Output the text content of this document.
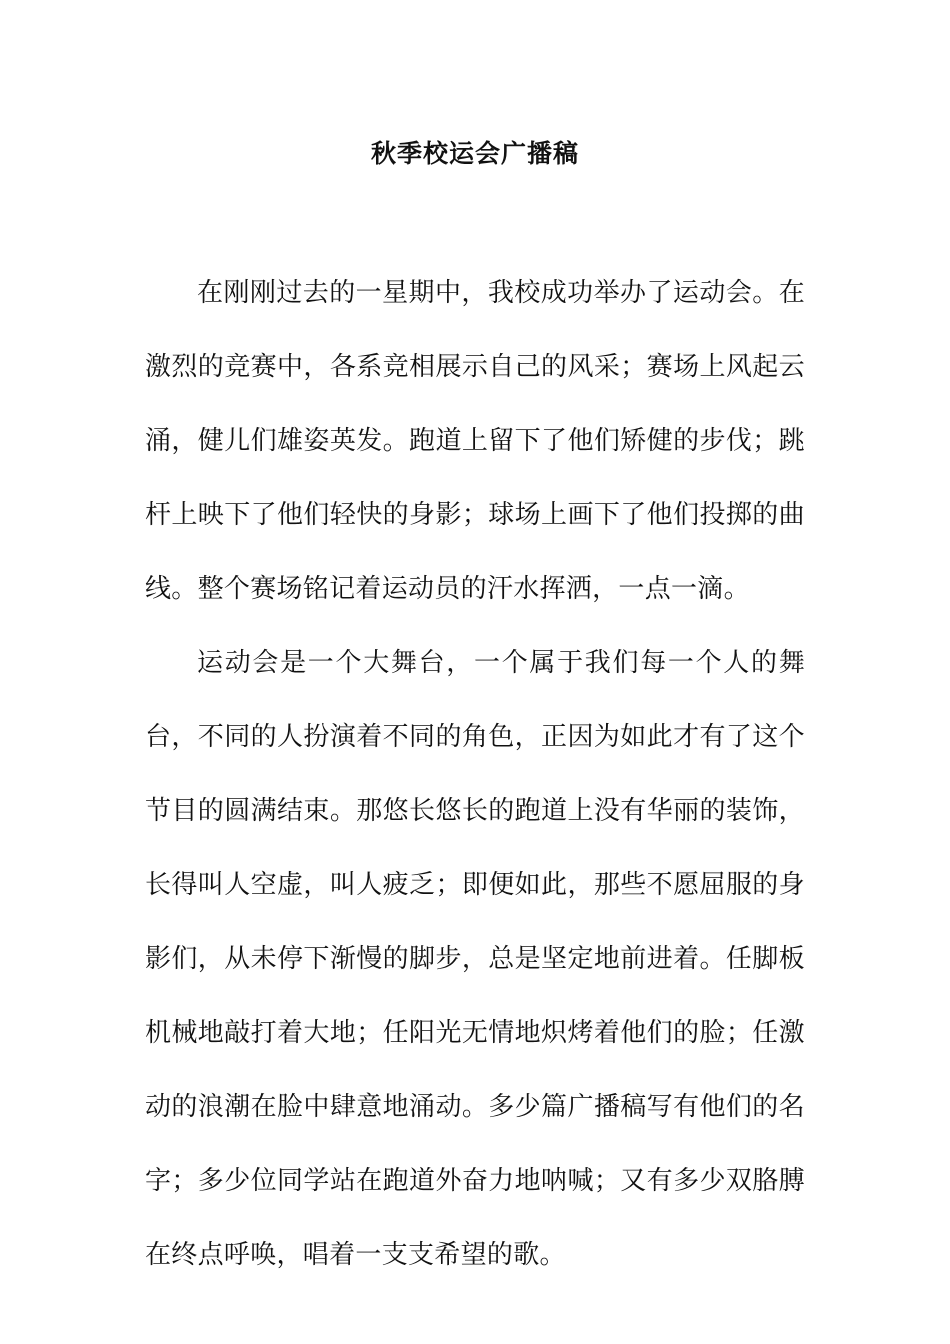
秋季校运会广播稿

在刚刚过去的一星期中，我校成功举办了运动会。在激烈的竞赛中，各系竞相展示自己的风采；赛场上风起云涌，健儿们雄姿英发。跑道上留下了他们矫健的步伐；跳杆上映下了他们轻快的身影；球场上画下了他们投掷的曲线。整个赛场铭记着运动员的汗水挥洒，一点一滴。

运动会是一个大舞台，一个属于我们每一个人的舞台，不同的人扮演着不同的角色，正因为如此才有了这个节目的圆满结束。那悠长悠长的跑道上没有华丽的装饰，长得叫人空虚，叫人疲乏；即便如此，那些不愿屈服的身影们，从未停下渐慢的脚步，总是坚定地前进着。任脚板机械地敲打着大地；任阳光无情地炽烤着他们的脸；任激动的浪潮在脸中肆意地涌动。多少篇广播稿写有他们的名字；多少位同学站在跑道外奋力地呐喊；又有多少双胳膊在终点呼唤，唱着一支支希望的歌。
